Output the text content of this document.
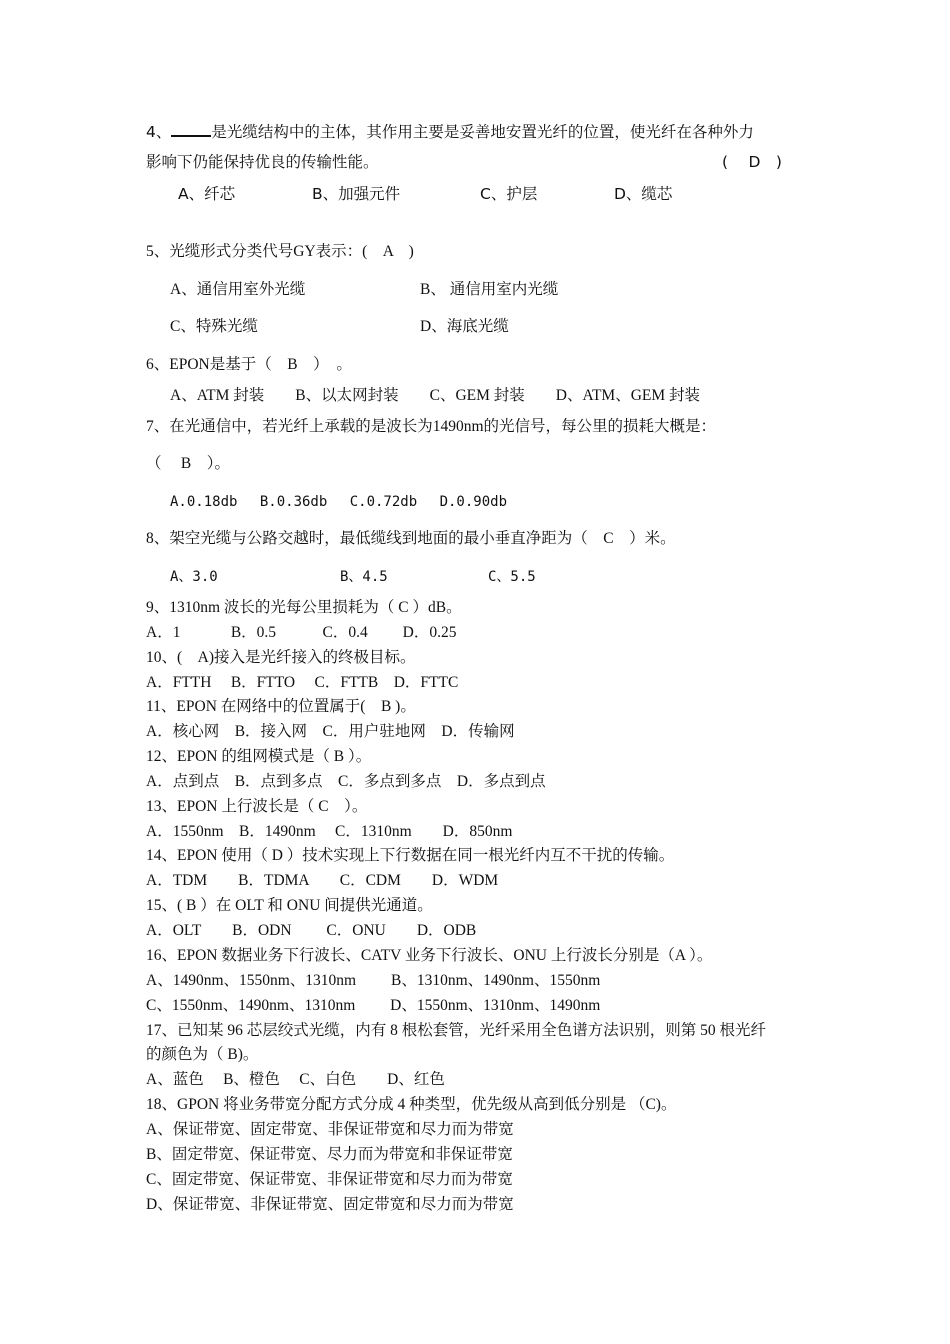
4、	是光缆结构中的主体，其作用主要是妥善地安置光纤的位置，使光纤在各种外力
影响下仍能保持优良的传输性能。	(　 D　)
A、纤芯	B、加强元件	C、护层	D、缆芯
5、光缆形式分类代号GY表示：(　A　)
A、通信用室外光缆	B、 通信用室内光缆
C、特殊光缆	D、海底光缆
6、EPON是基于（　B　）　。
A、ATM 封装　　B、以太网封装　　C、GEM 封装　　D、ATM、GEM 封装
7、在光通信中，若光纤上承载的是波长为1490nm的光信号，每公里的损耗大概是：
（　 B　）。
A.0.18db　 B.0.36db　 C.0.72db　 D.0.90db
8、架空光缆与公路交越时，最低缆线到地面的最小垂直净距为（　C　）米。
A、3.0	B、4.5	C、5.5
9、1310nm 波长的光每公里损耗为（ C ）dB。
A．1　　　 B．0.5　　　C．0.4　　 D．0.25
10、(　A)接入是光纤接入的终极目标。
A．FTTH　 B．FTTO　 C．FTTB　D．FTTC
11、EPON 在网络中的位置属于(　B )。
A．核心网　B．接入网　C．用户驻地网　D．传输网
12、EPON 的组网模式是（ B ）。
A．点到点　B．点到多点　C．多点到多点　D．多点到点
13、EPON 上行波长是（ C　）。
A．1550nm　B．1490nm　 C．1310nm　　D．850nm
14、EPON 使用（ D ）技术实现上下行数据在同一根光纤内互不干扰的传输。
A．TDM　　B．TDMA　　C．CDM　　D．WDM
15、( B ）在 OLT 和 ONU 间提供光通道。
A．OLT　　B．ODN　　 C．ONU　　D．ODB
16、EPON 数据业务下行波长、CATV 业务下行波长、ONU 上行波长分别是（A ）。
A、1490nm、1550nm、1310nm　　 B、1310nm、1490nm、1550nm
C、1550nm、1490nm、1310nm　　 D、1550nm、1310nm、1490nm
17、已知某 96 芯层绞式光缆，内有 8 根松套管，光纤采用全色谱方法识别，则第 50 根光纤
的颜色为（ B)。
A、蓝色　 B、橙色　 C、白色　　D、红色
18、GPON 将业务带宽分配方式分成 4 种类型，优先级从高到低分别是 （C)。
A、保证带宽、固定带宽、非保证带宽和尽力而为带宽
B、固定带宽、保证带宽、尽力而为带宽和非保证带宽
C、固定带宽、保证带宽、非保证带宽和尽力而为带宽
D、保证带宽、非保证带宽、固定带宽和尽力而为带宽
